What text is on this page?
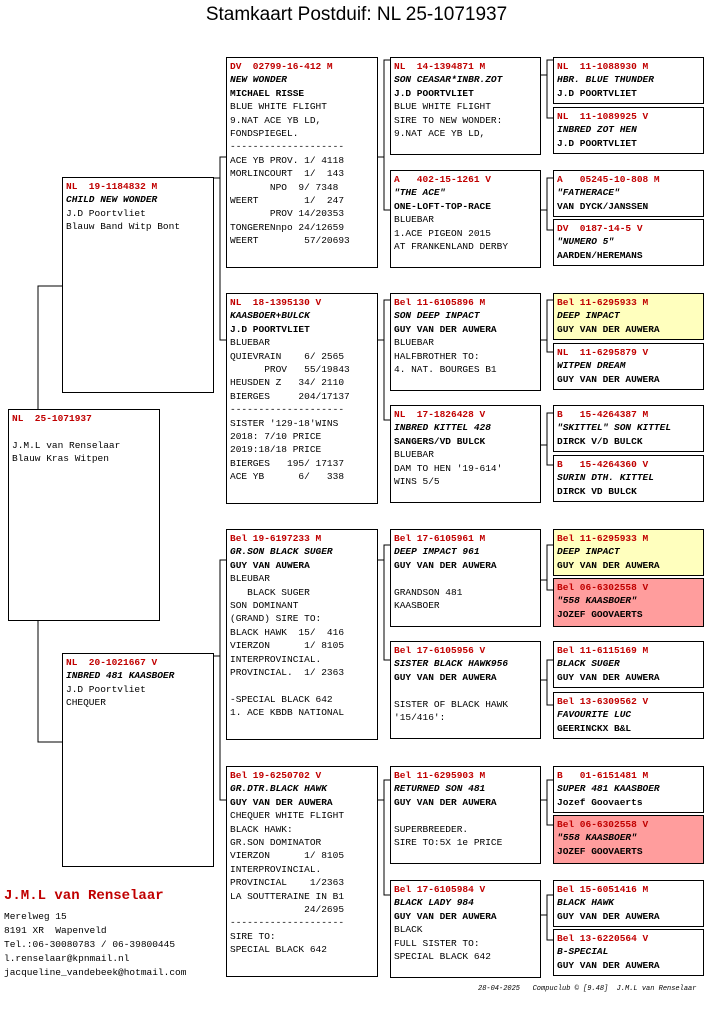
Stamkaart Postduif: NL 25-1071937
NL  25-1071937
J.M.L van Renselaar
Blauw Kras Witpen
NL  19-1184832 M
CHILD NEW WONDER
J.D Poortvliet
Blauw Band Witp Bont
NL  20-1021667 V
INBRED 481 KAASBOER
J.D Poortvliet
CHEQUER
DV  02799-16-412 M
NEW WONDER
MICHAEL RISSE
BLUE WHITE FLIGHT
9.NAT ACE YB LD,
FONDSPIEGEL.
--------------------
ACE YB PROV. 1/ 4118
MORLINCOURT  1/  143
NPO  9/ 7348
WEERT        1/  247
PROV 14/20353
TONGERENnpo 24/12659
WEERT        57/20693
NL  18-1395130 V
KAASBOER+BULCK
J.D POORTVLIET
BLUEBAR
QUIEVRAIN    6/ 2565
PROV   55/19843
HEUSDEN Z   34/ 2110
BIERGES     204/17137
--------------------
SISTER '129-18'WINS
2018: 7/10 PRICE
2019:18/18 PRICE
BIERGES   195/ 17137
ACE YB      6/   338
Bel 19-6197233 M
GR.SON BLACK SUGER
GUY VAN AUWERA
BLEUBAR
BLACK SUGER
SON DOMINANT
(GRAND) SIRE TO:
BLACK HAWK  15/  416
VIERZON      1/ 8105
INTERPROVINCIAL.
PROVINCIAL.  1/ 2363
-SPECIAL BLACK 642
1. ACE KBDB NATIONAL
Bel 19-6250702 V
GR.DTR.BLACK HAWK
GUY VAN DER AUWERA
CHEQUER WHITE FLIGHT
BLACK HAWK:
GR.SON DOMINATOR
VIERZON      1/ 8105
INTERPROVINCIAL.
PROVINCIAL    1/2363
LA SOUTTERAINE IN B1
24/2695
--------------------
SIRE TO:
SPECIAL BLACK 642
NL  14-1394871 M
SON CEASAR*INBR.ZOT
J.D POORTVLIET
BLUE WHITE FLIGHT
SIRE TO NEW WONDER:
9.NAT ACE YB LD,
A   402-15-1261 V
"THE ACE"
ONE-LOFT-TOP-RACE
BLUEBAR
1.ACE PIGEON 2015
AT FRANKENLAND DERBY
Bel 11-6105896 M
SON DEEP INPACT
GUY VAN DER AUWERA
BLUEBAR
HALFBROTHER TO:
4. NAT. BOURGES B1
NL  17-1826428 V
INBRED KITTEL 428
SANGERS/VD BULCK
BLUEBAR
DAM TO HEN '19-614'
WINS 5/5
Bel 17-6105961 M
DEEP IMPACT 961
GUY VAN DER AUWERA
GRANDSON 481
KAASBOER
Bel 17-6105956 V
SISTER BLACK HAWK956
GUY VAN DER AUWERA
SISTER OF BLACK HAWK
'15/416':
Bel 11-6295903 M
RETURNED SON 481
GUY VAN DER AUWERA
SUPERBREEDER.
SIRE TO:5X 1e PRICE
Bel 17-6105984 V
BLACK LADY 984
GUY VAN DER AUWERA
BLACK
FULL SISTER TO:
SPECIAL BLACK 642
NL  11-1088930 M
HBR. BLUE THUNDER
J.D POORTVLIET
NL  11-1089925 V
INBRED ZOT HEN
J.D POORTVLIET
A   05245-10-808 M
"FATHERACE"
VAN DYCK/JANSSEN
DV  0187-14-5 V
"NUMERO 5"
AARDEN/HEREMANS
Bel 11-6295933 M
DEEP INPACT
GUY VAN DER AUWERA
NL  11-6295879 V
WITPEN DREAM
GUY VAN DER AUWERA
B   15-4264387 M
"SKITTEL" SON KITTEL
DIRCK V/D BULCK
B   15-4264360 V
SURIN DTH. KITTEL
DIRCK VD BULCK
Bel 11-6295933 M
DEEP INPACT
GUY VAN DER AUWERA
Bel 06-6302558 V
"558 KAASBOER"
JOZEF GOOVAERTS
Bel 11-6115169 M
BLACK SUGER
GUY VAN DER AUWERA
Bel 13-6309562 V
FAVOURITE LUC
GEERINCKX B&L
B   01-6151481 M
SUPER 481 KAASBOER
Jozef Goovaerts
Bel 06-6302558 V
"558 KAASBOER"
JOZEF GOOVAERTS
Bel 15-6051416 M
BLACK HAWK
GUY VAN DER AUWERA
Bel 13-6220564 V
B-SPECIAL
GUY VAN DER AUWERA
J.M.L van Renselaar
Merelweg 15
8191 XR  Wapenveld
Tel.:06-30080783 / 06-39800445
l.renselaar@kpnmail.nl
jacqueline_vandebeek@hotmail.com
28-04-2025   Compuclub © [9.48]  J.M.L van Renselaar
